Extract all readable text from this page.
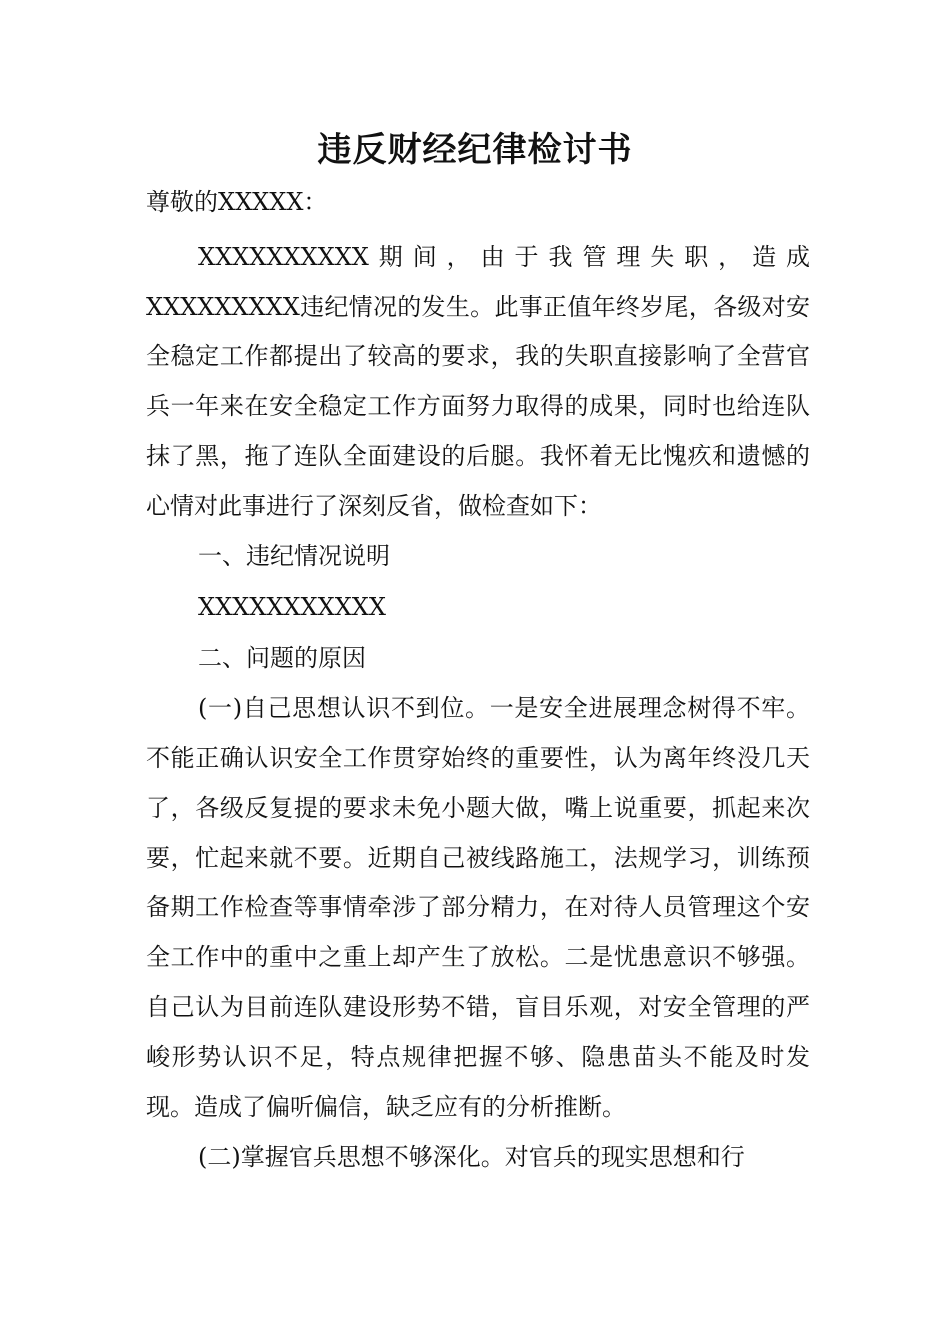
违反财经纪律检讨书

尊敬的XXXXX：

XXXXXXXXXX期间，由于我管理失职，造成XXXXXXXXX违纪情况的发生。此事正值年终岁尾，各级对安全稳定工作都提出了较高的要求，我的失职直接影响了全营官兵一年来在安全稳定工作方面努力取得的成果，同时也给连队抹了黑，拖了连队全面建设的后腿。我怀着无比愧疚和遗憾的心情对此事进行了深刻反省，做检查如下：

一、违纪情况说明

XXXXXXXXXXX

二、问题的原因

(一)自己思想认识不到位。一是安全进展理念树得不牢。不能正确认识安全工作贯穿始终的重要性，认为离年终没几天了，各级反复提的要求未免小题大做，嘴上说重要，抓起来次要，忙起来就不要。近期自己被线路施工，法规学习，训练预备期工作检查等事情牵涉了部分精力，在对待人员管理这个安全工作中的重中之重上却产生了放松。二是忧患意识不够强。自己认为目前连队建设形势不错，盲目乐观，对安全管理的严峻形势认识不足，特点规律把握不够、隐患苗头不能及时发现。造成了偏听偏信，缺乏应有的分析推断。

(二)掌握官兵思想不够深化。对官兵的现实思想和行
